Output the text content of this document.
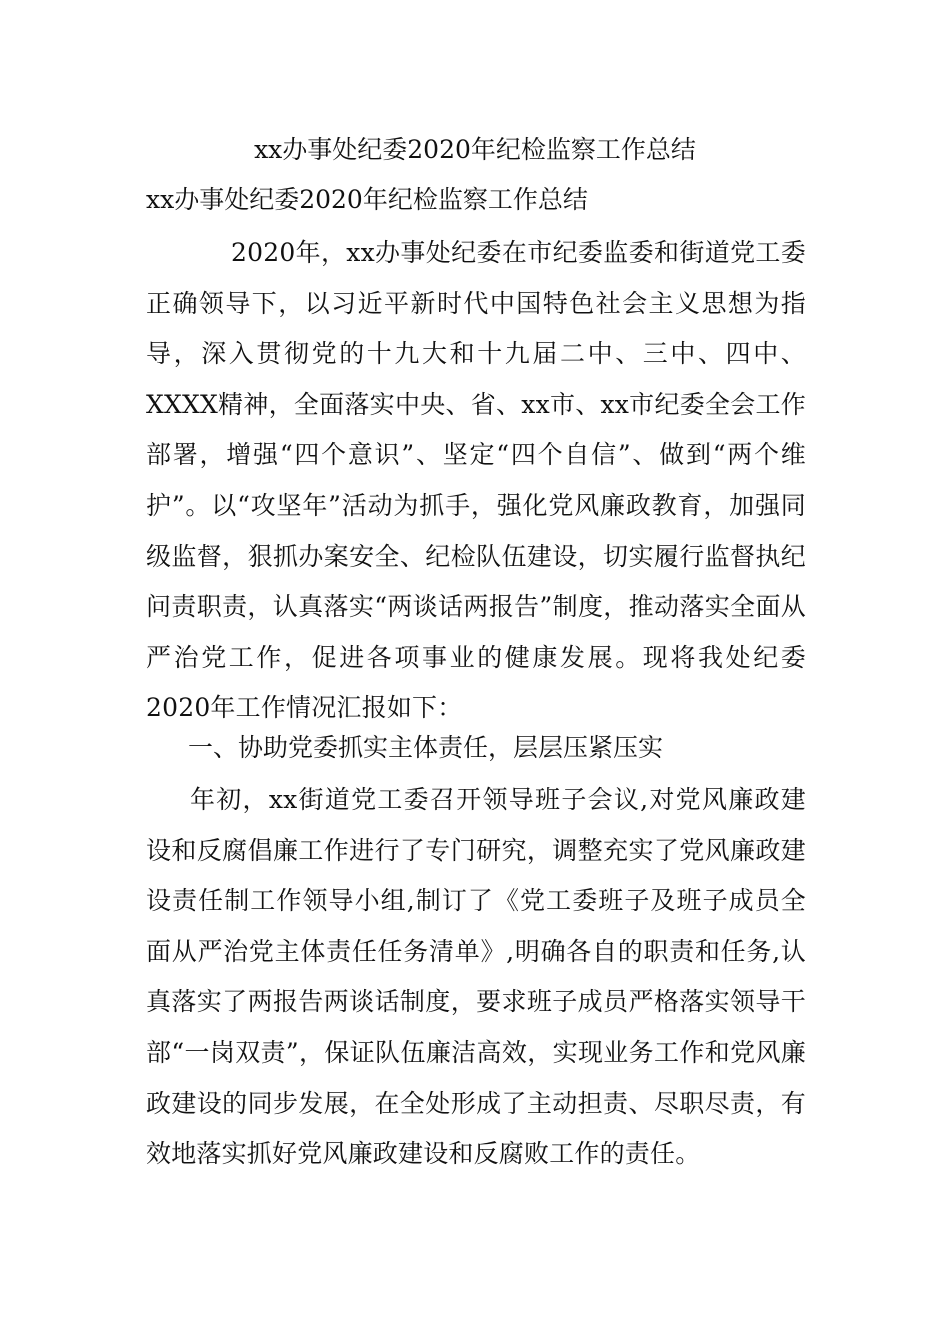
xx办事处纪委2020年纪检监察工作总结
xx办事处纪委2020年纪检监察工作总结
2020年，xx办事处纪委在市纪委监委和街道党工委正确领导下，以习近平新时代中国特色社会主义思想为指导，深入贯彻党的十九大和十九届二中、三中、四中、XXXX精神，全面落实中央、省、xx市、xx市纪委全会工作部署，增强“四个意识”、坚定“四个自信”、做到“两个维护”。以“攻坚年”活动为抓手，强化党风廉政教育，加强同级监督，狠抓办案安全、纪检队伍建设，切实履行监督执纪问责职责，认真落实“两谈话两报告”制度，推动落实全面从严治党工作，促进各项事业的健康发展。现将我处纪委2020年工作情况汇报如下：
一、协助党委抓实主体责任，层层压紧压实
年初，xx街道党工委召开领导班子会议,对党风廉政建设和反腐倡廉工作进行了专门研究，调整充实了党风廉政建设责任制工作领导小组,制订了《党工委班子及班子成员全面从严治党主体责任任务清单》,明确各自的职责和任务,认真落实了两报告两谈话制度，要求班子成员严格落实领导干部“一岗双责”，保证队伍廉洁高效，实现业务工作和党风廉政建设的同步发展，在全处形成了主动担责、尽职尽责，有效地落实抓好党风廉政建设和反腐败工作的责任。
